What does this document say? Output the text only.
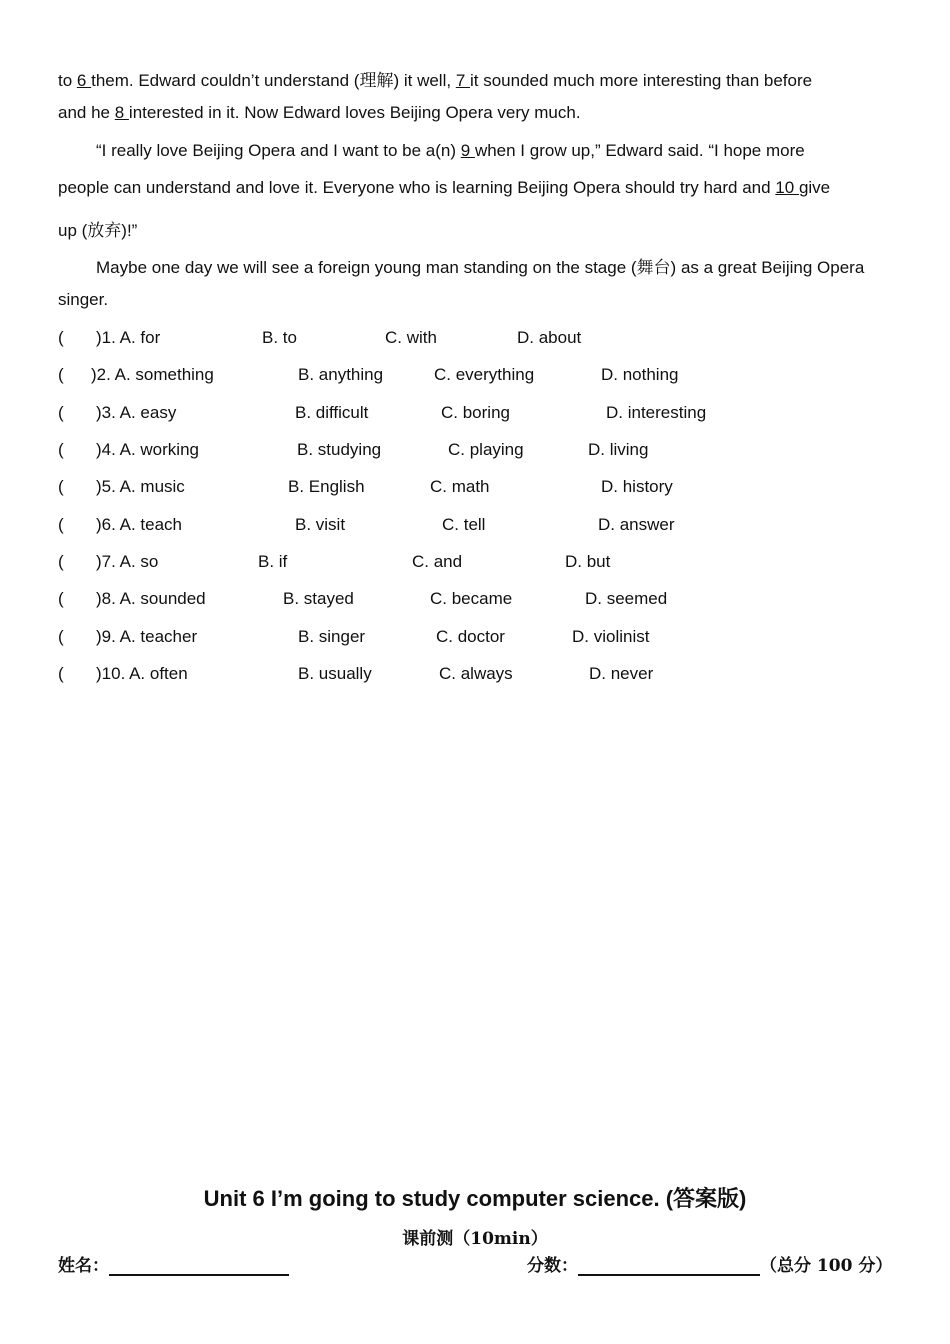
to 6 them. Edward couldn’t understand (理解) it well, 7 it sounded much more interesting than before
and he 8 interested in it. Now Edward loves Beijing Opera very much.
“I really love Beijing Opera and I want to be a(n) 9 when I grow up,” Edward said. “I hope more
people can understand and love it. Everyone who is learning Beijing Opera should try hard and 10 give
up (放弃)!”
Maybe one day we will see a foreign young man standing on the stage (舞台) as a great Beijing Opera
singer.
( )1. A. for	B. to	C. with	D. about
( )2. A. something	B. anything	C. everything	D. nothing
( )3. A. easy	B. difficult	C. boring	D. interesting
( )4. A. working	B. studying	C. playing	D. living
( )5. A. music	B. English	C. math	D. history
( )6. A. teach	B. visit	C. tell	D. answer
( )7. A. so	B. if	C. and	D. but
( )8. A. sounded	B. stayed	C. became	D. seemed
( )9. A. teacher	B. singer	C. doctor	D. violinist
( )10. A. often	B. usually	C. always	D. never
Unit 6 I’m going to study computer science. (答案版)
课前测（10min）
姓名：	分数：	（总分 100 分）
